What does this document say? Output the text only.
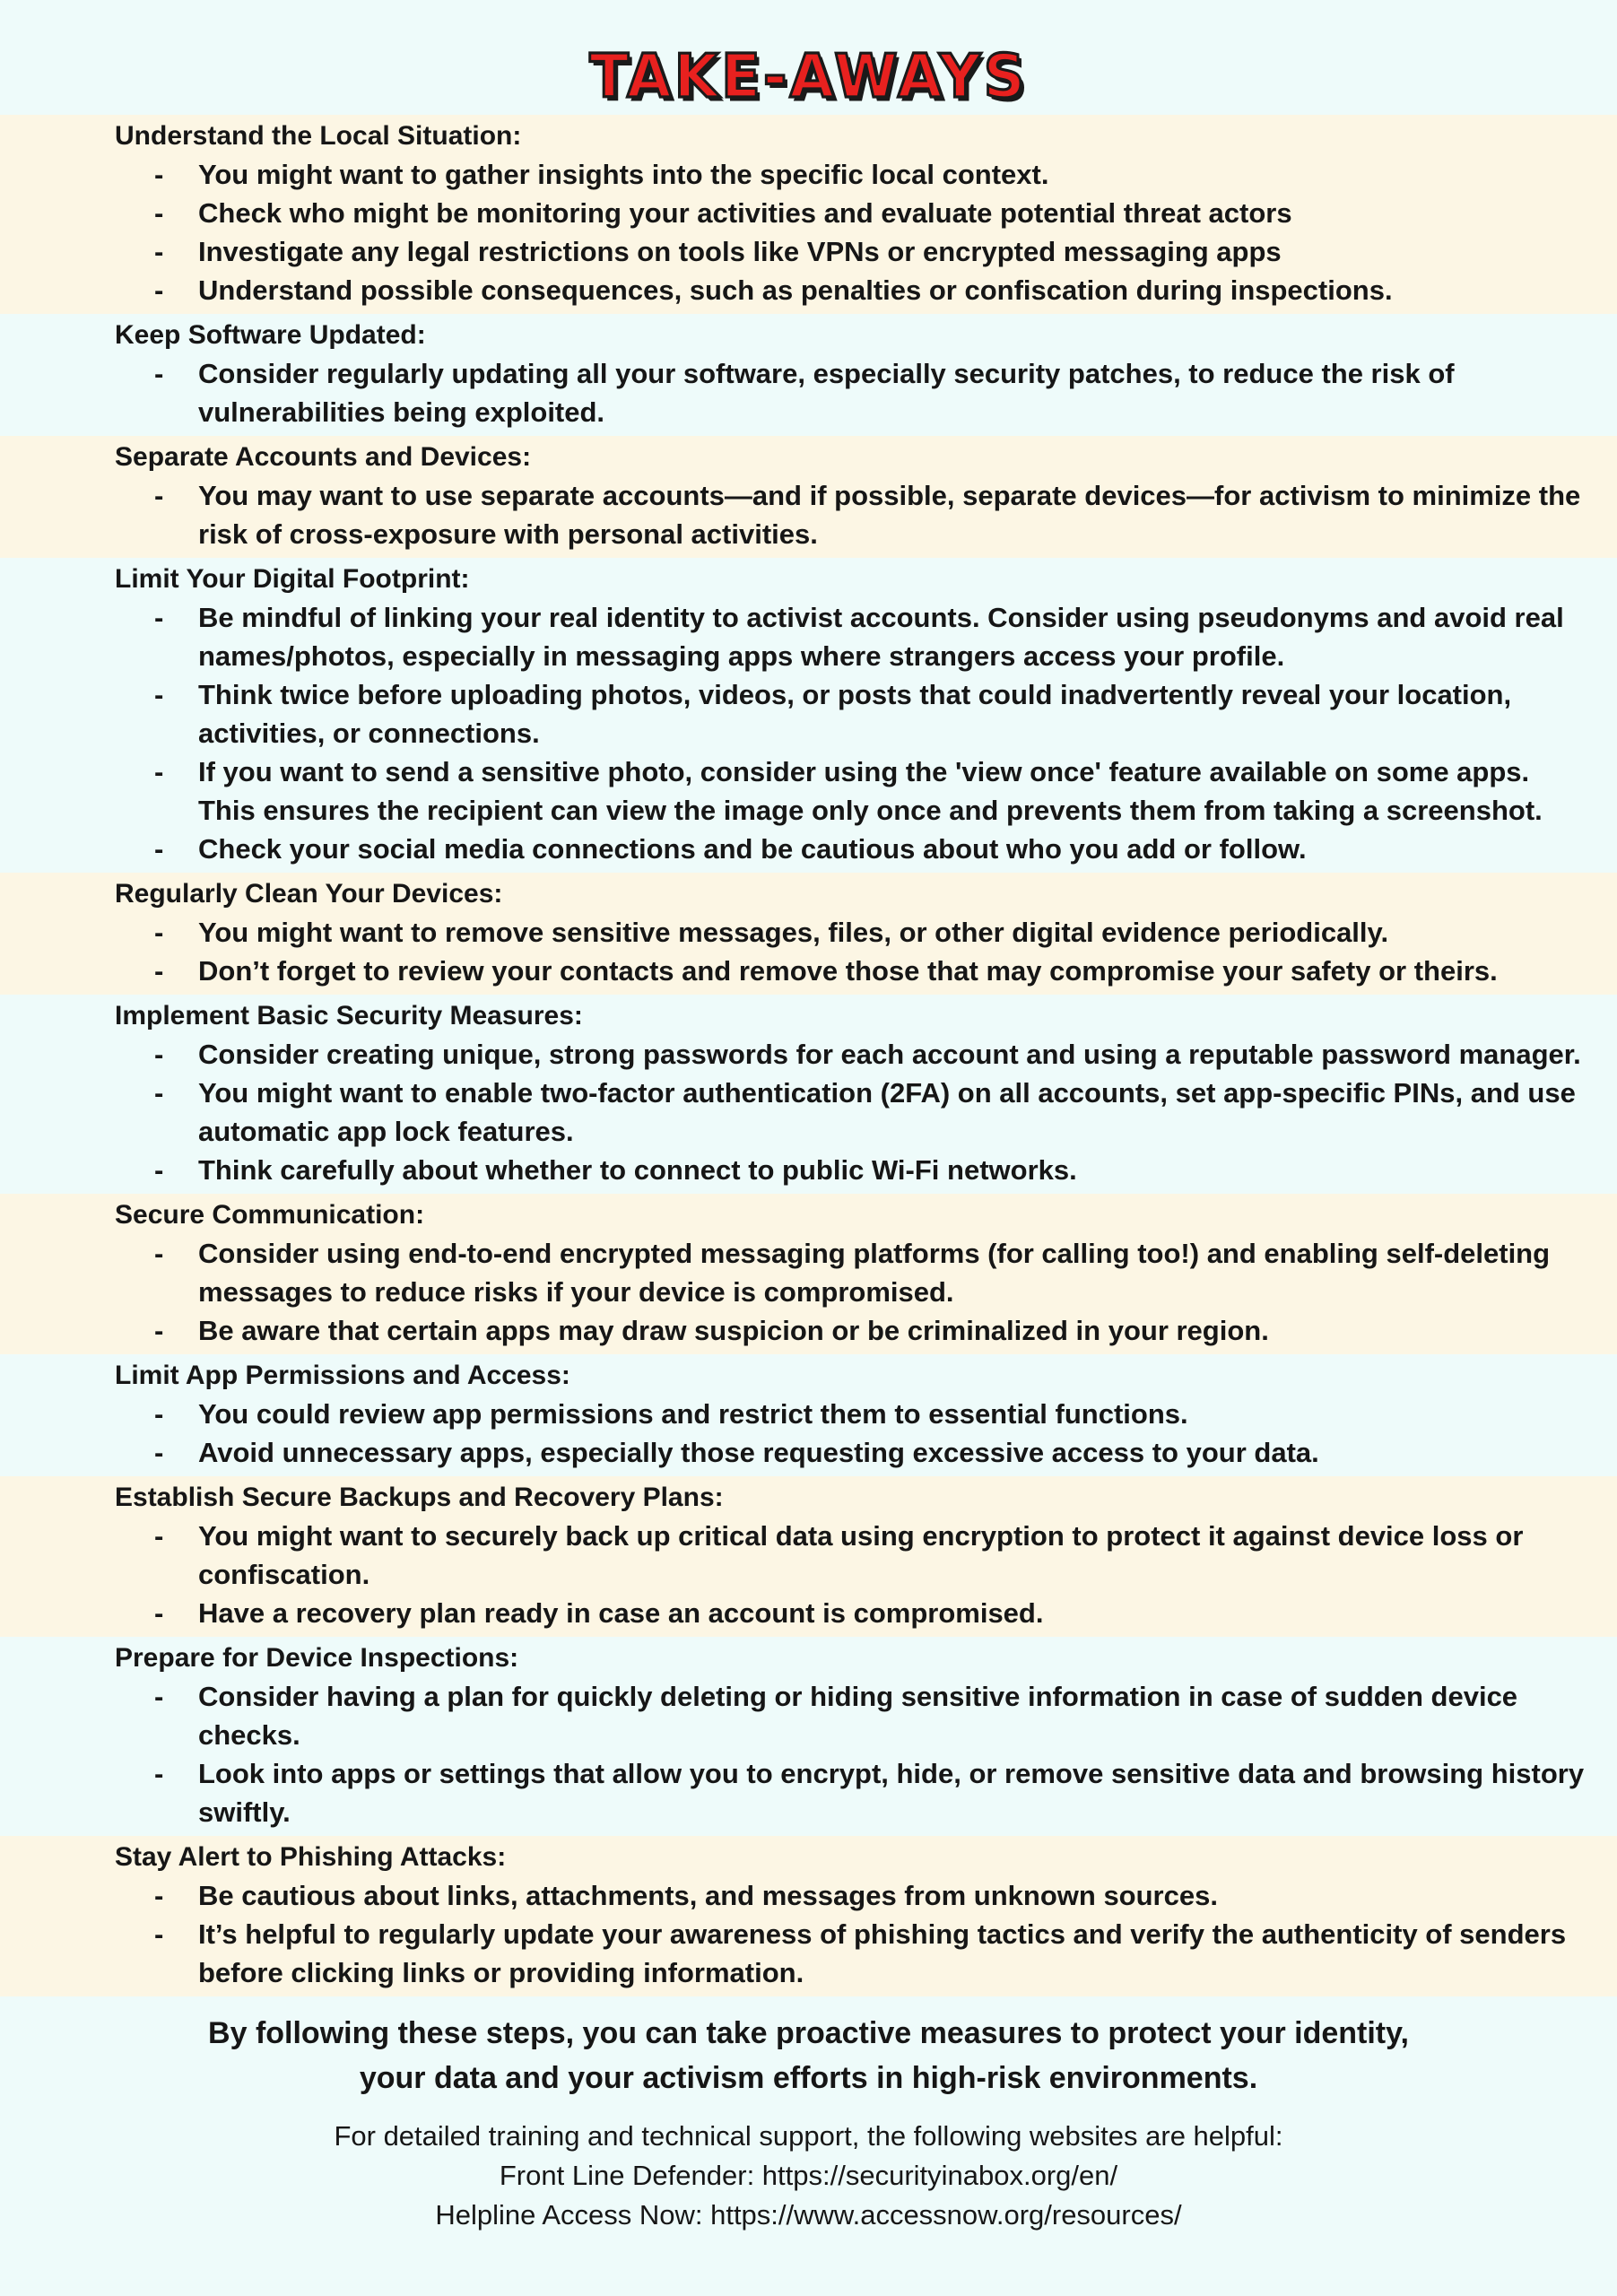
TAKE-AWAYS
Understand the Local Situation:
- You might want to gather insights into the specific local context.
- Check who might be monitoring your activities and evaluate potential threat actors
- Investigate any legal restrictions on tools like VPNs or encrypted messaging apps
- Understand possible consequences, such as penalties or confiscation during inspections.
Keep Software Updated:
- Consider regularly updating all your software, especially security patches, to reduce the risk of vulnerabilities being exploited.
Separate Accounts and Devices:
- You may want to use separate accounts—and if possible, separate devices—for activism to minimize the risk of cross-exposure with personal activities.
Limit Your Digital Footprint:
- Be mindful of linking your real identity to activist accounts. Consider using pseudonyms and avoid real names/photos, especially in messaging apps where strangers access your profile.
- Think twice before uploading photos, videos, or posts that could inadvertently reveal your location, activities, or connections.
- If you want to send a sensitive photo, consider using the 'view once' feature available on some apps. This ensures the recipient can view the image only once and prevents them from taking a screenshot.
- Check your social media connections and be cautious about who you add or follow.
Regularly Clean Your Devices:
- You might want to remove sensitive messages, files, or other digital evidence periodically.
- Don’t forget to review your contacts and remove those that may compromise your safety or theirs.
Implement Basic Security Measures:
- Consider creating unique, strong passwords for each account and using a reputable password manager.
- You might want to enable two-factor authentication (2FA) on all accounts, set app-specific PINs, and use automatic app lock features.
- Think carefully about whether to connect to public Wi-Fi networks.
Secure Communication:
- Consider using end-to-end encrypted messaging platforms (for calling too!) and enabling self-deleting messages to reduce risks if your device is compromised.
- Be aware that certain apps may draw suspicion or be criminalized in your region.
Limit App Permissions and Access:
- You could review app permissions and restrict them to essential functions.
- Avoid unnecessary apps, especially those requesting excessive access to your data.
Establish Secure Backups and Recovery Plans:
- You might want to securely back up critical data using encryption to protect it against device loss or confiscation.
- Have a recovery plan ready in case an account is compromised.
Prepare for Device Inspections:
- Consider having a plan for quickly deleting or hiding sensitive information in case of sudden device checks.
- Look into apps or settings that allow you to encrypt, hide, or remove sensitive data and browsing history swiftly.
Stay Alert to Phishing Attacks:
- Be cautious about links, attachments, and messages from unknown sources.
- It’s helpful to regularly update your awareness of phishing tactics and verify the authenticity of senders before clicking links or providing information.
By following these steps, you can take proactive measures to protect your identity,
your data and your activism efforts in high-risk environments.
For detailed training and technical support, the following websites are helpful:
Front Line Defender: https://securityinabox.org/en/
Helpline Access Now: https://www.accessnow.org/resources/
